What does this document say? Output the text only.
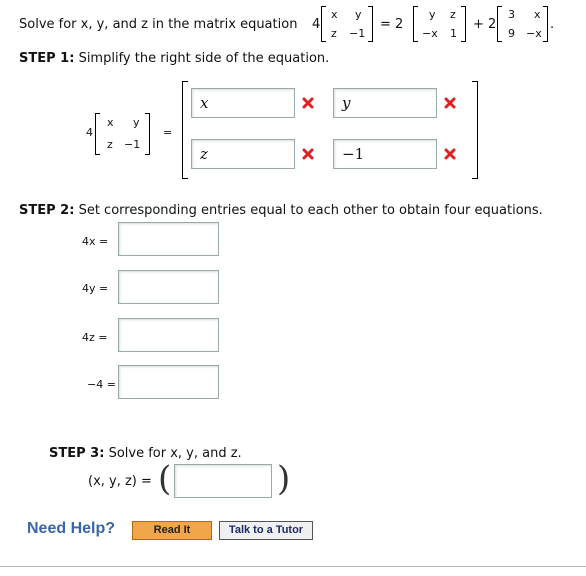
Solve for x, y, and z in the matrix equation 4
x y
z −1
= 2
y z
−x 1
+ 2
3 x
9 −x
.
STEP 1: Simplify the right side of the equation.
4
x y
z −1
=
x	y
z	−1
STEP 2: Set corresponding entries equal to each other to obtain four equations.
4x =
4y =
4z =
−4 =
STEP 3: Solve for x, y, and z.
(x, y, z) = (	)
Need Help?	Read It	Talk to a Tutor
